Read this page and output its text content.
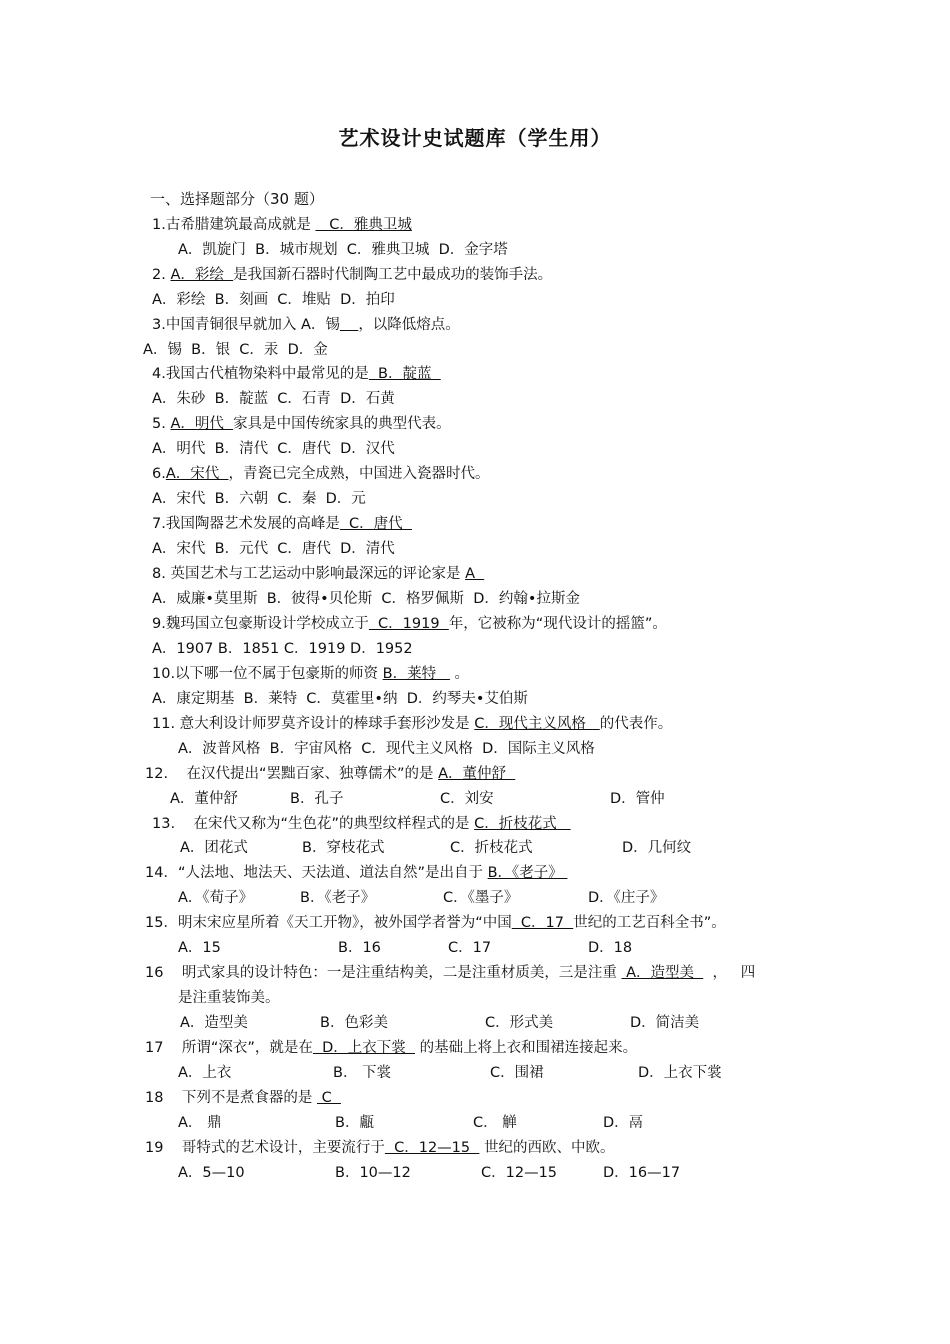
艺术设计史试题库（学生用）
一、选择题部分（30 题）
1.古希腊建筑最高成就是    C．雅典卫城
A．凯旋门  B．城市规划  C．雅典卫城  D．金字塔
2. A．彩绘  是我国新石器时代制陶工艺中最成功的装饰手法。
A．彩绘  B．刻画  C．堆贴  D．拍印
3.中国青铜很早就加入 A．锡 ，以降低熔点。
A．锡  B．银  C．汞  D．金
4.我国古代植物染料中最常见的是  B．靛蓝
A．朱砂  B．靛蓝  C．石青  D．石黄
5. A．明代  家具是中国传统家具的典型代表。
A．明代  B．清代  C．唐代  D．汉代
6.A．宋代  ，青瓷已完全成熟，中国进入瓷器时代。
A．宋代  B．六朝  C．秦  D．元
7.我国陶器艺术发展的高峰是  C．唐代
A．宋代  B．元代  C．唐代  D．清代
8. 英国艺术与工艺运动中影响最深远的评论家是 A
A．威廉•莫里斯  B．彼得•贝伦斯  C．格罗佩斯  D．约翰•拉斯金
9.魏玛国立包豪斯设计学校成立于  C．1919  年，它被称为“现代设计的摇篮”。
A．1907 B．1851 C．1919 D．1952
10.以下哪一位不属于包豪斯的师资 B．莱特    。
A．康定期基  B．莱特  C．莫霍里•纳  D．约琴夫•艾伯斯
11. 意大利设计师罗莫齐设计的棒球手套形沙发是 C．现代主义风格   的代表作。
A．波普风格  B．宇宙风格  C．现代主义风格  D．国际主义风格
12.    在汉代提出“罢黜百家、独尊儒术”的是 A．董仲舒
A．董仲舒	B．孔子	C．刘安	D．管仲
13.    在宋代又称为“生色花”的典型纹样程式的是 C．折枝花式
A．团花式	B．穿枝花式	C．折枝花式	D．几何纹
14．“人法地、地法天、天法道、道法自然”是出自于 B．《老子》
A．《荀子》	B．《老子》	C．《墨子》	D．《庄子》
15．明末宋应星所着《天工开物》，被外国学者誉为“中国  C．17  世纪的工艺百科全书”。
A．15	B．16	C．17	D．18
16    明式家具的设计特色：一是注重结构美，二是注重材质美，三是注重  A．造型美    ，   四
是注重装饰美。
A．造型美	B．色彩美	C．形式美	D．简洁美
17    所谓“深衣”，就是在  D．上衣下裳   的基础上将上衣和围裙连接起来。
A．上衣	B． 下裳	C．围裙	D．上衣下裳
18    下列不是煮食器的是  C
A． 鼎	B．甗	C． 觯	D．鬲
19    哥特式的艺术设计，主要流行于  C．12—15   世纪的西欧、中欧。
A．5—10	B．10—12	C．12—15	D．16—17
